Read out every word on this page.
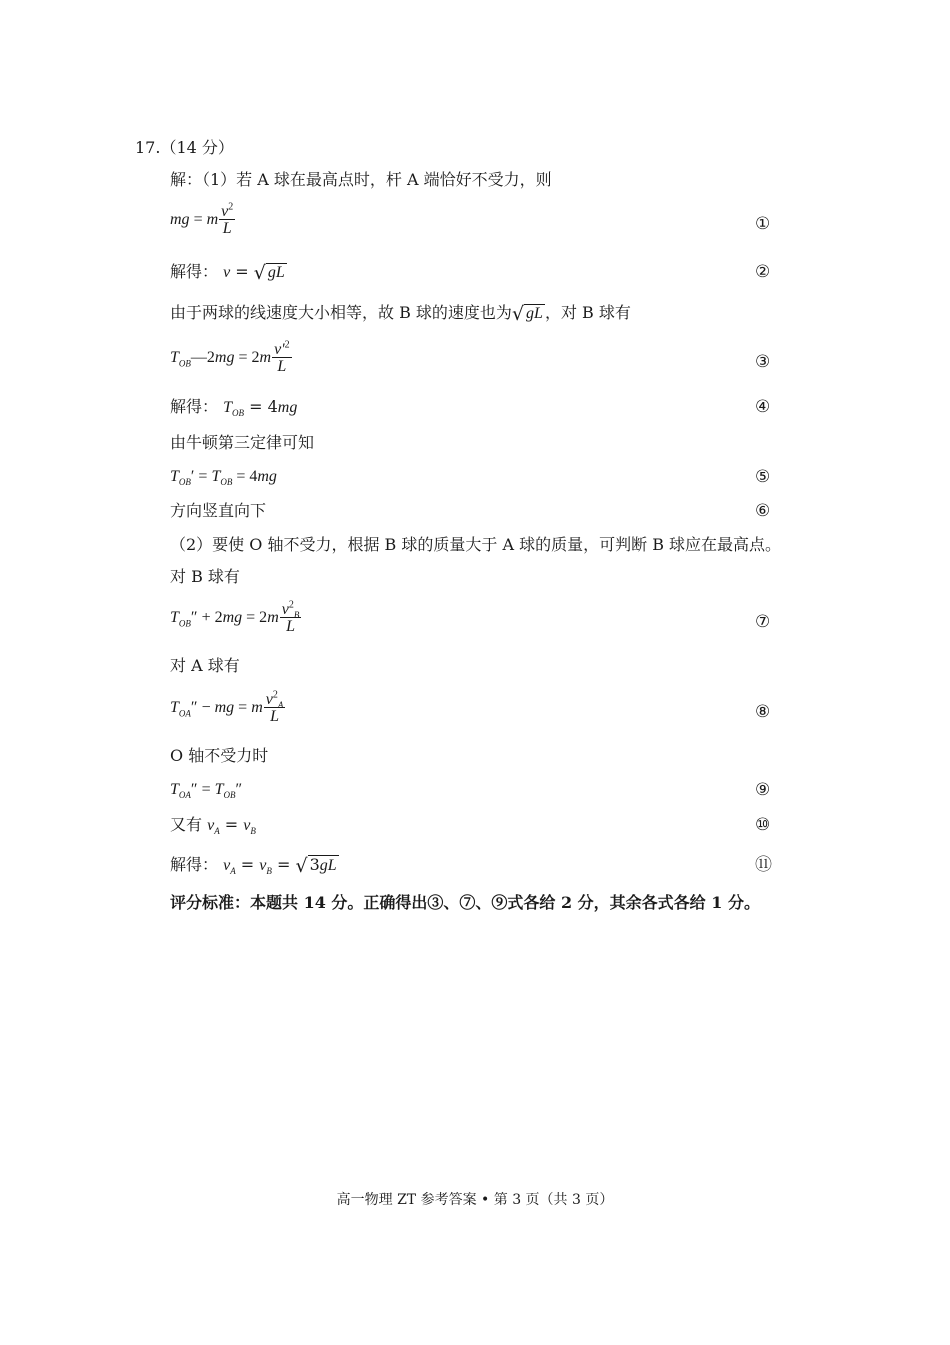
17.（14 分）
解：（1）若 A 球在最高点时，杆 A 端恰好不受力，则
mg = m $\frac{v^2}{L}$	①
解得： v = √ gL	②
由于两球的线速度大小相等，故 B 球的速度也为√ gL ，对 B 球有
$T_{OB}—2mg = 2m \frac{v'^2}{L}$	③
解得： $T_{OB} = 4mg$	④
由牛顿第三定律可知
$T_{OB}' = T_{OB} = 4mg$	⑤
方向竖直向下	⑥
（2）要使 O 轴不受力，根据 B 球的质量大于 A 球的质量，可判断 B 球应在最高点。
对 B 球有
$T_{OB}'' + 2mg = 2m \frac{v^2_B}{L}$	⑦
对 A 球有
$T_{OA}''$ − mg = m $\frac{v^2_A}{L}$	⑧
O 轴不受力时
$T_{OA}'' = T_{OB}''$	⑨
又有 $v_A = v_B$	⑩
解得： $v_A = v_B$ = √ 3gL	⑪
评分标准：本题共 14 分。正确得出③、⑦、⑨式各给 2 分，其余各式各给 1 分。
高一物理 ZT 参考答案 • 第 3 页（共 3 页）
